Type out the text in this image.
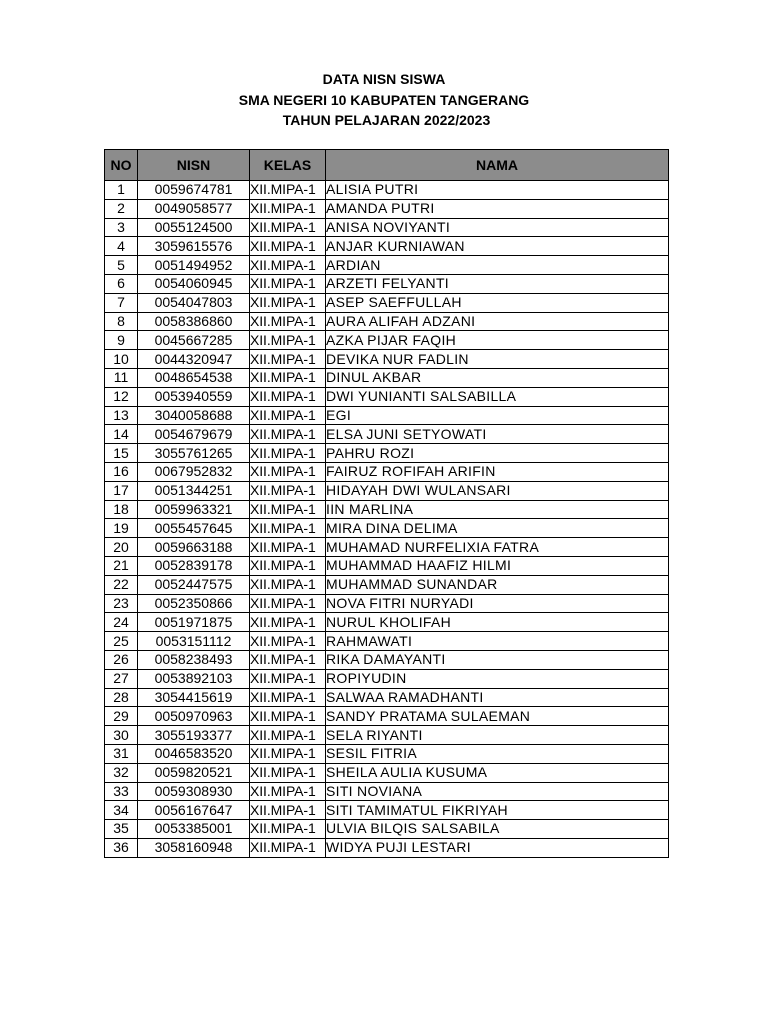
DATA NISN SISWA
SMA NEGERI 10 KABUPATEN TANGERANG
TAHUN PELAJARAN 2022/2023
NO	NISN	KELAS	NAMA
1	0059674781	XII.MIPA-1	ALISIA PUTRI
2	0049058577	XII.MIPA-1	AMANDA PUTRI
3	0055124500	XII.MIPA-1	ANISA NOVIYANTI
4	3059615576	XII.MIPA-1	ANJAR KURNIAWAN
5	0051494952	XII.MIPA-1	ARDIAN
6	0054060945	XII.MIPA-1	ARZETI FELYANTI
7	0054047803	XII.MIPA-1	ASEP SAEFFULLAH
8	0058386860	XII.MIPA-1	AURA ALIFAH ADZANI
9	0045667285	XII.MIPA-1	AZKA PIJAR FAQIH
10	0044320947	XII.MIPA-1	DEVIKA NUR FADLIN
11	0048654538	XII.MIPA-1	DINUL AKBAR
12	0053940559	XII.MIPA-1	DWI YUNIANTI SALSABILLA
13	3040058688	XII.MIPA-1	EGI
14	0054679679	XII.MIPA-1	ELSA JUNI SETYOWATI
15	3055761265	XII.MIPA-1	PAHRU ROZI
16	0067952832	XII.MIPA-1	FAIRUZ ROFIFAH ARIFIN
17	0051344251	XII.MIPA-1	HIDAYAH DWI WULANSARI
18	0059963321	XII.MIPA-1	IIN MARLINA
19	0055457645	XII.MIPA-1	MIRA DINA DELIMA
20	0059663188	XII.MIPA-1	MUHAMAD NURFELIXIA FATRA
21	0052839178	XII.MIPA-1	MUHAMMAD HAAFIZ HILMI
22	0052447575	XII.MIPA-1	MUHAMMAD SUNANDAR
23	0052350866	XII.MIPA-1	NOVA FITRI NURYADI
24	0051971875	XII.MIPA-1	NURUL KHOLIFAH
25	0053151112	XII.MIPA-1	RAHMAWATI
26	0058238493	XII.MIPA-1	RIKA DAMAYANTI
27	0053892103	XII.MIPA-1	ROPIYUDIN
28	3054415619	XII.MIPA-1	SALWAA RAMADHANTI
29	0050970963	XII.MIPA-1	SANDY PRATAMA SULAEMAN
30	3055193377	XII.MIPA-1	SELA RIYANTI
31	0046583520	XII.MIPA-1	SESIL FITRIA
32	0059820521	XII.MIPA-1	SHEILA AULIA KUSUMA
33	0059308930	XII.MIPA-1	SITI NOVIANA
34	0056167647	XII.MIPA-1	SITI TAMIMATUL FIKRIYAH
35	0053385001	XII.MIPA-1	ULVIA BILQIS SALSABILA
36	3058160948	XII.MIPA-1	WIDYA PUJI LESTARI
